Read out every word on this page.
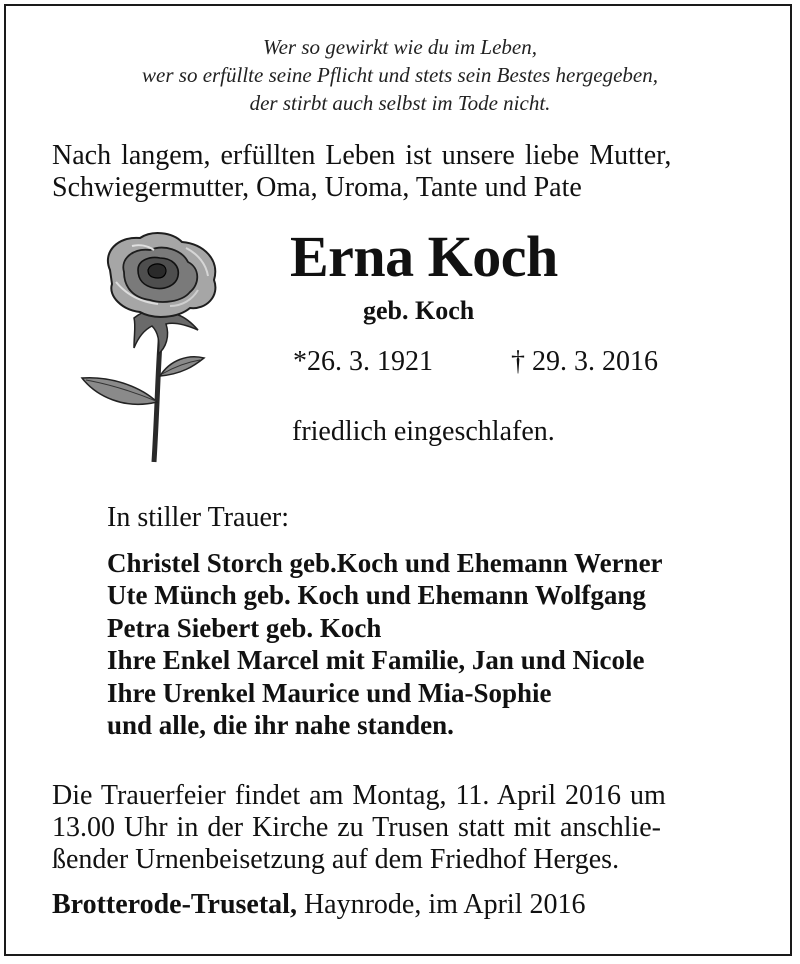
Wer so gewirkt wie du im Leben,
wer so erfüllte seine Pflicht und stets sein Bestes hergegeben,
der stirbt auch selbst im Tode nicht.
Nach langem, erfüllten Leben ist unsere liebe Mutter,
Schwiegermutter, Oma, Uroma, Tante und Pate
Erna Koch
geb. Koch
*26. 3. 1921	† 29. 3. 2016
friedlich eingeschlafen.
In stiller Trauer:
Christel Storch geb.Koch und Ehemann Werner
Ute Münch geb. Koch und Ehemann Wolfgang
Petra Siebert geb. Koch
Ihre Enkel Marcel mit Familie, Jan und Nicole
Ihre Urenkel Maurice und Mia-Sophie
und alle, die ihr nahe standen.
Die Trauerfeier findet am Montag, 11. April 2016 um
13.00 Uhr in der Kirche zu Trusen statt mit anschlie-
ßender Urnenbeisetzung auf dem Friedhof Herges.
Brotterode-Trusetal, Haynrode, im April 2016
